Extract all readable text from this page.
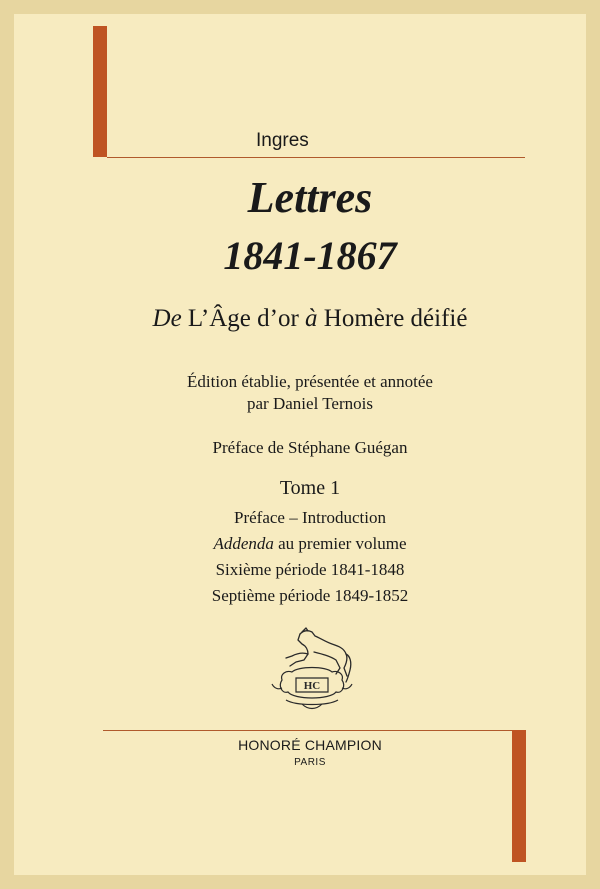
Ingres

Lettres
1841-1867

De L’Âge d’or à Homère déifié

Édition établie, présentée et annotée
par Daniel Ternois

Préface de Stéphane Guégan

Tome 1

Préface – Introduction
Addenda au premier volume
Sixième période 1841-1848
Septième période 1849-1852
HC

HONORÉ CHAMPION

PARIS
